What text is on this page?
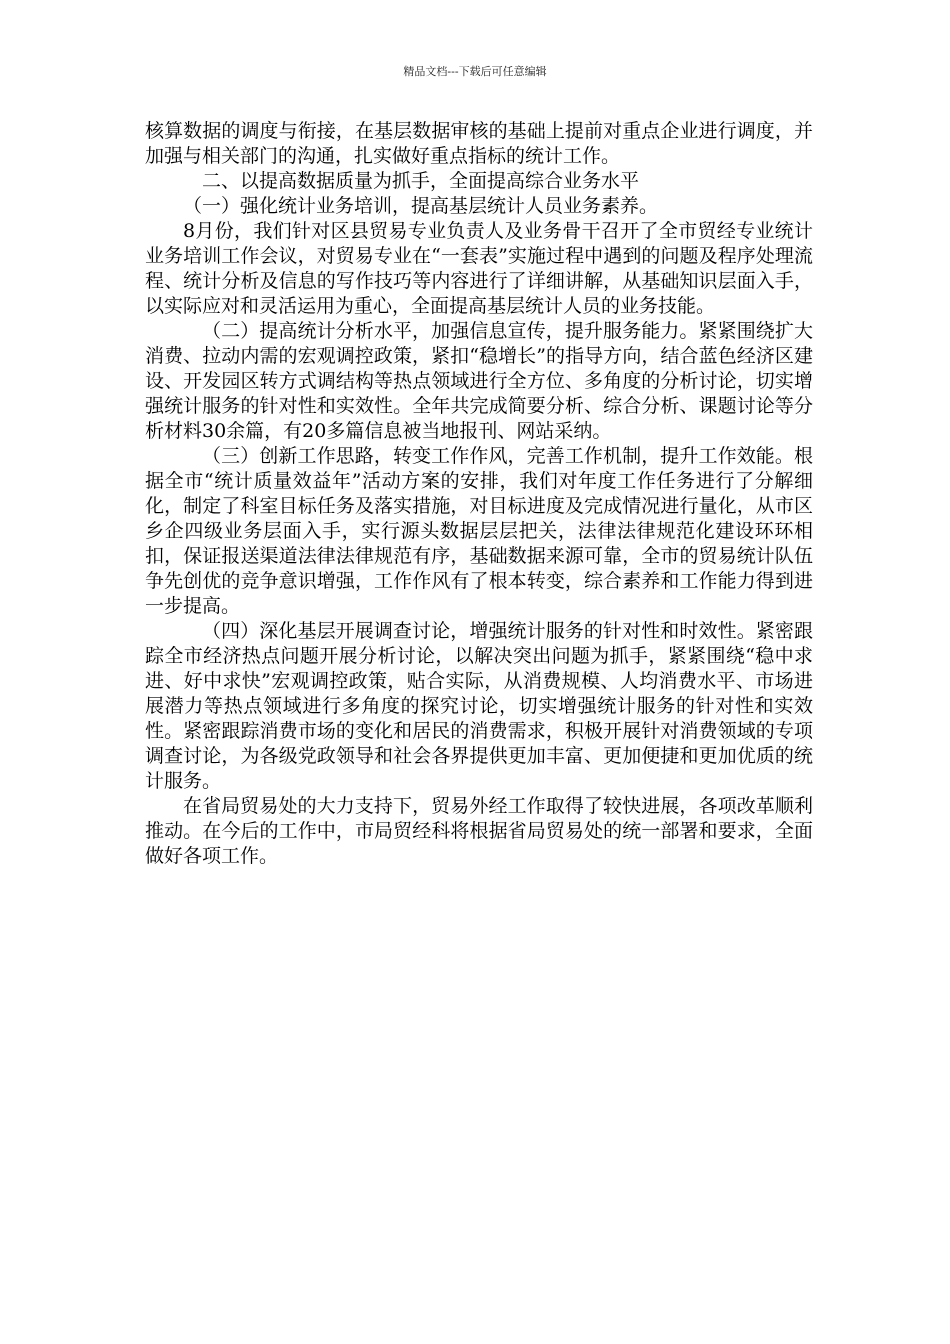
精品文档---下载后可任意编辑

核算数据的调度与衔接，在基层数据审核的基础上提前对重点企业进行调度，并加强与相关部门的沟通，扎实做好重点指标的统计工作。

二、以提高数据质量为抓手，全面提高综合业务水平

（一）强化统计业务培训，提高基层统计人员业务素养。

8月份，我们针对区县贸易专业负责人及业务骨干召开了全市贸经专业统计业务培训工作会议，对贸易专业在“一套表”实施过程中遇到的问题及程序处理流程、统计分析及信息的写作技巧等内容进行了详细讲解，从基础知识层面入手，以实际应对和灵活运用为重心，全面提高基层统计人员的业务技能。

（二）提高统计分析水平，加强信息宣传，提升服务能力。紧紧围绕扩大消费、拉动内需的宏观调控政策，紧扣“稳增长”的指导方向，结合蓝色经济区建设、开发园区转方式调结构等热点领域进行全方位、多角度的分析讨论，切实增强统计服务的针对性和实效性。全年共完成简要分析、综合分析、课题讨论等分析材料30余篇，有20多篇信息被当地报刊、网站采纳。

（三）创新工作思路，转变工作作风，完善工作机制，提升工作效能。根据全市“统计质量效益年”活动方案的安排，我们对年度工作任务进行了分解细化，制定了科室目标任务及落实措施，对目标进度及完成情况进行量化，从市区乡企四级业务层面入手，实行源头数据层层把关，法律法律规范化建设环环相扣，保证报送渠道法律法律规范有序，基础数据来源可靠，全市的贸易统计队伍争先创优的竞争意识增强，工作作风有了根本转变，综合素养和工作能力得到进一步提高。

（四）深化基层开展调查讨论，增强统计服务的针对性和时效性。紧密跟踪全市经济热点问题开展分析讨论，以解决突出问题为抓手，紧紧围绕“稳中求进、好中求快”宏观调控政策，贴合实际，从消费规模、人均消费水平、市场进展潜力等热点领域进行多角度的探究讨论，切实增强统计服务的针对性和实效性。紧密跟踪消费市场的变化和居民的消费需求，积极开展针对消费领域的专项调查讨论，为各级党政领导和社会各界提供更加丰富、更加便捷和更加优质的统计服务。

在省局贸易处的大力支持下，贸易外经工作取得了较快进展，各项改革顺利推动。在今后的工作中，市局贸经科将根据省局贸易处的统一部署和要求，全面做好各项工作。
